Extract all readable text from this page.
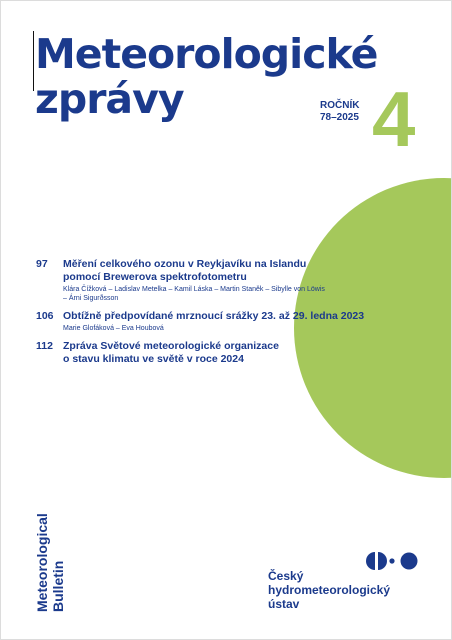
Meteorologické
zprávy	ROČNÍK
78–2025 4
97 Měření celkového ozonu v Reykjavíku na Islandu
pomocí Brewerova spektrofotometru

Klára Čížková – Ladislav Metelka – Kamil Láska – Martin Staněk – Sibylle von Löwis
– Árni Sigurðsson
106 Obtížně předpovídané mrznoucí srážky 23. až 29. ledna 2023

Marie Glofáková – Eva Houbová
112 Zpráva Světové meteorologické organizace
o stavu klimatu ve světě v roce 2024

Meteorological Bulletin	Český
hydrometeorologický
ústav
